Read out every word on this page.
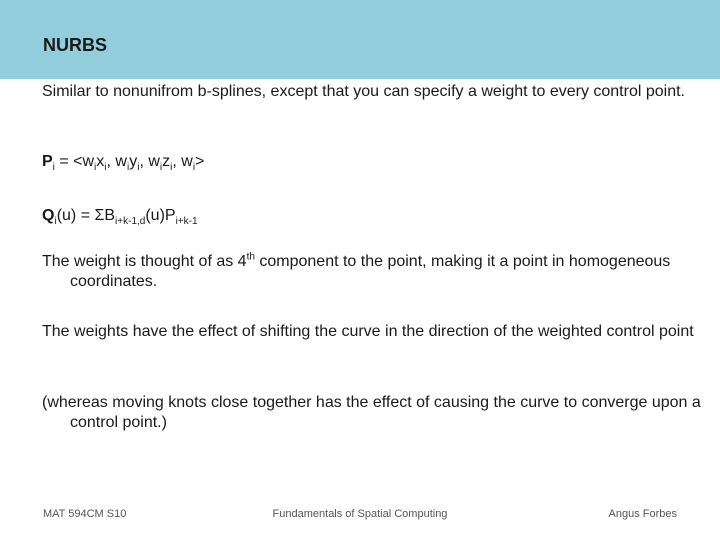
NURBS

Similar to nonunifrom b-splines, except that you can specify a weight to every control point.

$P_i = <w_ix_i$, $w_iy_i$, $w_iz_i$, $w_i>$

$Q_i(u) = \Sigma B_{i+k-1,d}(u)P_{i+k-1}$

The weight is thought of as 4th component to the point, making it a point in homogeneous coordinates.

The weights have the effect of shifting the curve in the direction of the weighted control point

(whereas moving knots close together has the effect of causing the curve to converge upon a control point.)

MAT 594CM S10	Fundamentals of Spatial Computing	Angus Forbes
